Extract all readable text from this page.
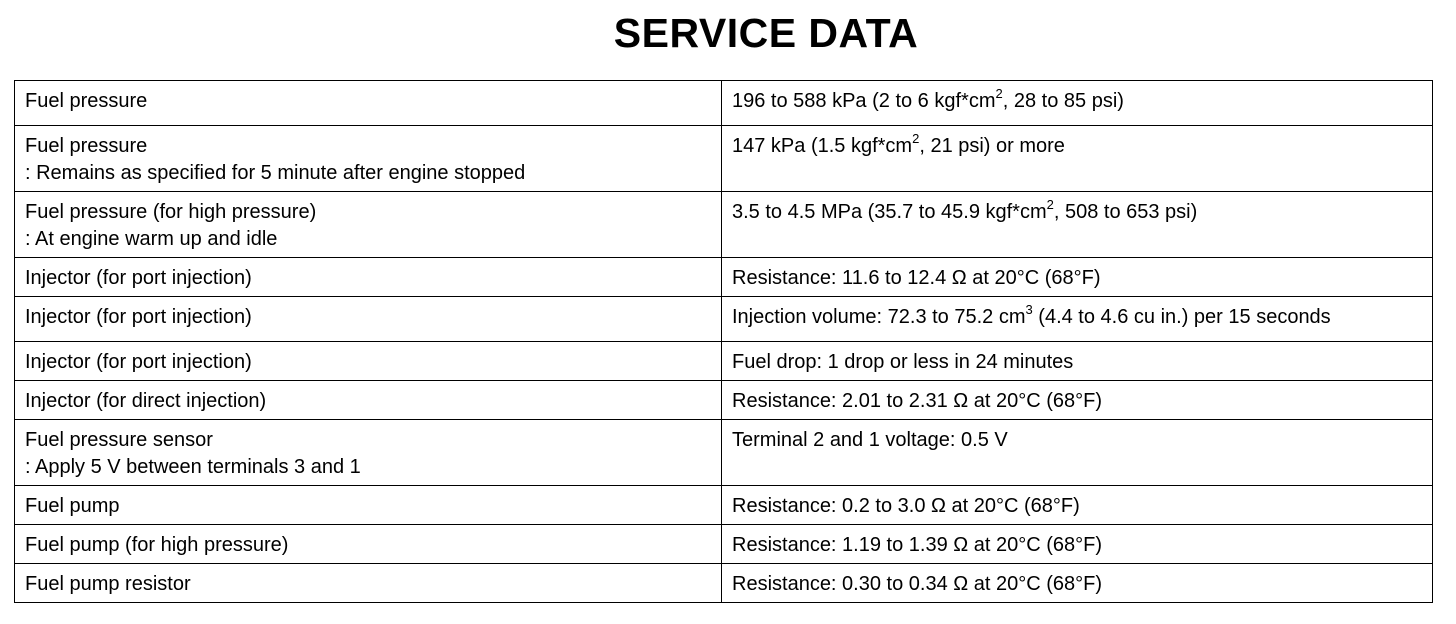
SERVICE DATA
Fuel pressure	196 to 588 kPa (2 to 6 $kgf*cm^2$, 28 to 85 psi)

Fuel pressure
: Remains as specified for 5 minute after engine stopped	147 kPa (1.5 $kgf*cm^2$, 21 psi) or more

Fuel pressure (for high pressure)
: At engine warm up and idle	3.5 to 4.5 MPa (35.7 to 45.9 $kgf*cm^2$, 508 to 653 psi)

Injector (for port injection)	Resistance: 11.6 to 12.4 Ω at 20°C (68°F)

Injector (for port injection)	Injection volume: 72.3 to 75.2 $cm^3$ (4.4 to 4.6 cu in.) per 15 seconds

Injector (for port injection)	Fuel drop: 1 drop or less in 24 minutes

Injector (for direct injection)	Resistance: 2.01 to 2.31 Ω at 20°C (68°F)

Fuel pressure sensor
: Apply 5 V between terminals 3 and 1	Terminal 2 and 1 voltage: 0.5 V

Fuel pump	Resistance: 0.2 to 3.0 Ω at 20°C (68°F)

Fuel pump (for high pressure)	Resistance: 1.19 to 1.39 Ω at 20°C (68°F)

Fuel pump resistor	Resistance: 0.30 to 0.34 Ω at 20°C (68°F)
